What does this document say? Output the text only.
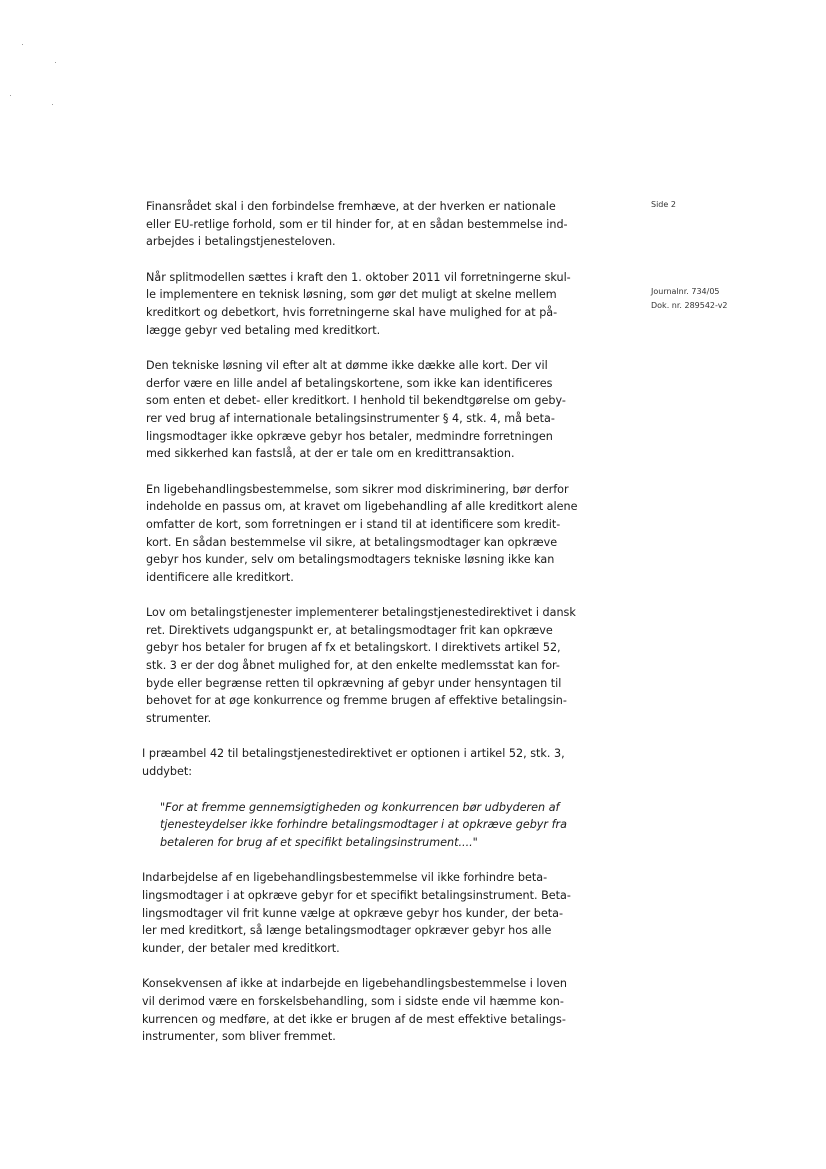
Side 2
Journalnr. 734/05
Dok. nr. 289542-v2
Finansrådet skal i den forbindelse fremhæve, at der hverken er nationale
eller EU-retlige forhold, som er til hinder for, at en sådan bestemmelse ind-
arbejdes i betalingstjenesteloven.
Når splitmodellen sættes i kraft den 1. oktober 2011 vil forretningerne skul-
le implementere en teknisk løsning, som gør det muligt at skelne mellem
kreditkort og debetkort, hvis forretningerne skal have mulighed for at på-
lægge gebyr ved betaling med kreditkort.
Den tekniske løsning vil efter alt at dømme ikke dække alle kort. Der vil
derfor være en lille andel af betalingskortene, som ikke kan identificeres
som enten et debet- eller kreditkort. I henhold til bekendtgørelse om geby-
rer ved brug af internationale betalingsinstrumenter § 4, stk. 4, må beta-
lingsmodtager ikke opkræve gebyr hos betaler, medmindre forretningen
med sikkerhed kan fastslå, at der er tale om en kredittransaktion.
En ligebehandlingsbestemmelse, som sikrer mod diskriminering, bør derfor
indeholde en passus om, at kravet om ligebehandling af alle kreditkort alene
omfatter de kort, som forretningen er i stand til at identificere som kredit-
kort. En sådan bestemmelse vil sikre, at betalingsmodtager kan opkræve
gebyr hos kunder, selv om betalingsmodtagers tekniske løsning ikke kan
identificere alle kreditkort.
Lov om betalingstjenester implementerer betalingstjenestedirektivet i dansk
ret. Direktivets udgangspunkt er, at betalingsmodtager frit kan opkræve
gebyr hos betaler for brugen af fx et betalingskort. I direktivets artikel 52,
stk. 3 er der dog åbnet mulighed for, at den enkelte medlemsstat kan for-
byde eller begrænse retten til opkrævning af gebyr under hensyntagen til
behovet for at øge konkurrence og fremme brugen af effektive betalingsin-
strumenter.
I præambel 42 til betalingstjenestedirektivet er optionen i artikel 52, stk. 3,
uddybet:
"For at fremme gennemsigtigheden og konkurrencen bør udbyderen af
tjenesteydelser ikke forhindre betalingsmodtager i at opkræve gebyr fra
betaleren for brug af et specifikt betalingsinstrument...."
Indarbejdelse af en ligebehandlingsbestemmelse vil ikke forhindre beta-
lingsmodtager i at opkræve gebyr for et specifikt betalingsinstrument. Beta-
lingsmodtager vil frit kunne vælge at opkræve gebyr hos kunder, der beta-
ler med kreditkort, så længe betalingsmodtager opkræver gebyr hos alle
kunder, der betaler med kreditkort.
Konsekvensen af ikke at indarbejde en ligebehandlingsbestemmelse i loven
vil derimod være en forskelsbehandling, som i sidste ende vil hæmme kon-
kurrencen og medføre, at det ikke er brugen af de mest effektive betalings-
instrumenter, som bliver fremmet.
